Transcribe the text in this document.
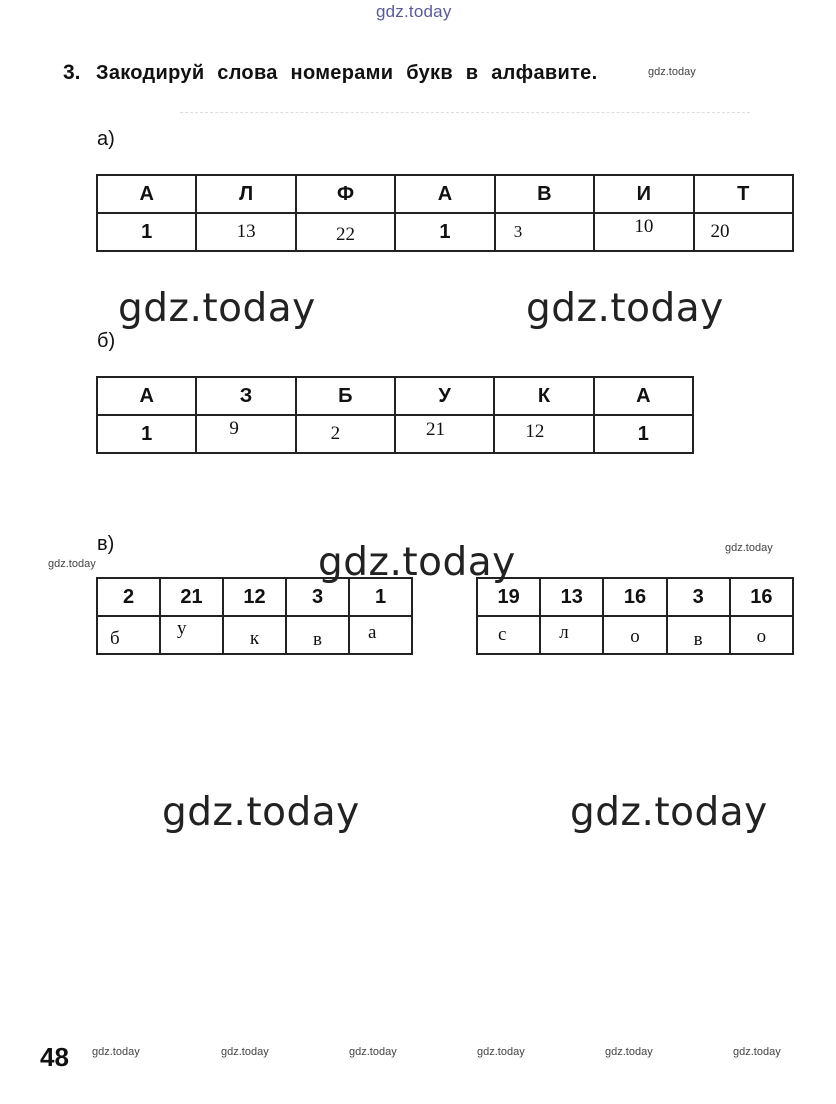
gdz.today
3. Закодируй слова номерами букв в алфавите.	gdz.today
а)
А	Л	Ф	А	В	И	Т
1	13	22	1	3	10	20
gdz.today	gdz.today
б)
А	З	Б	У	К	А
1	9	2	21	12	1
в)
gdz.today	gdz.today	gdz.today
2	21	12	3	1
б	у	к	в	а
19	13	16	3	16
с	л	о	в	о
gdz.today	gdz.today
48 gdz.today	gdz.today	gdz.today	gdz.today	gdz.today	gdz.today
